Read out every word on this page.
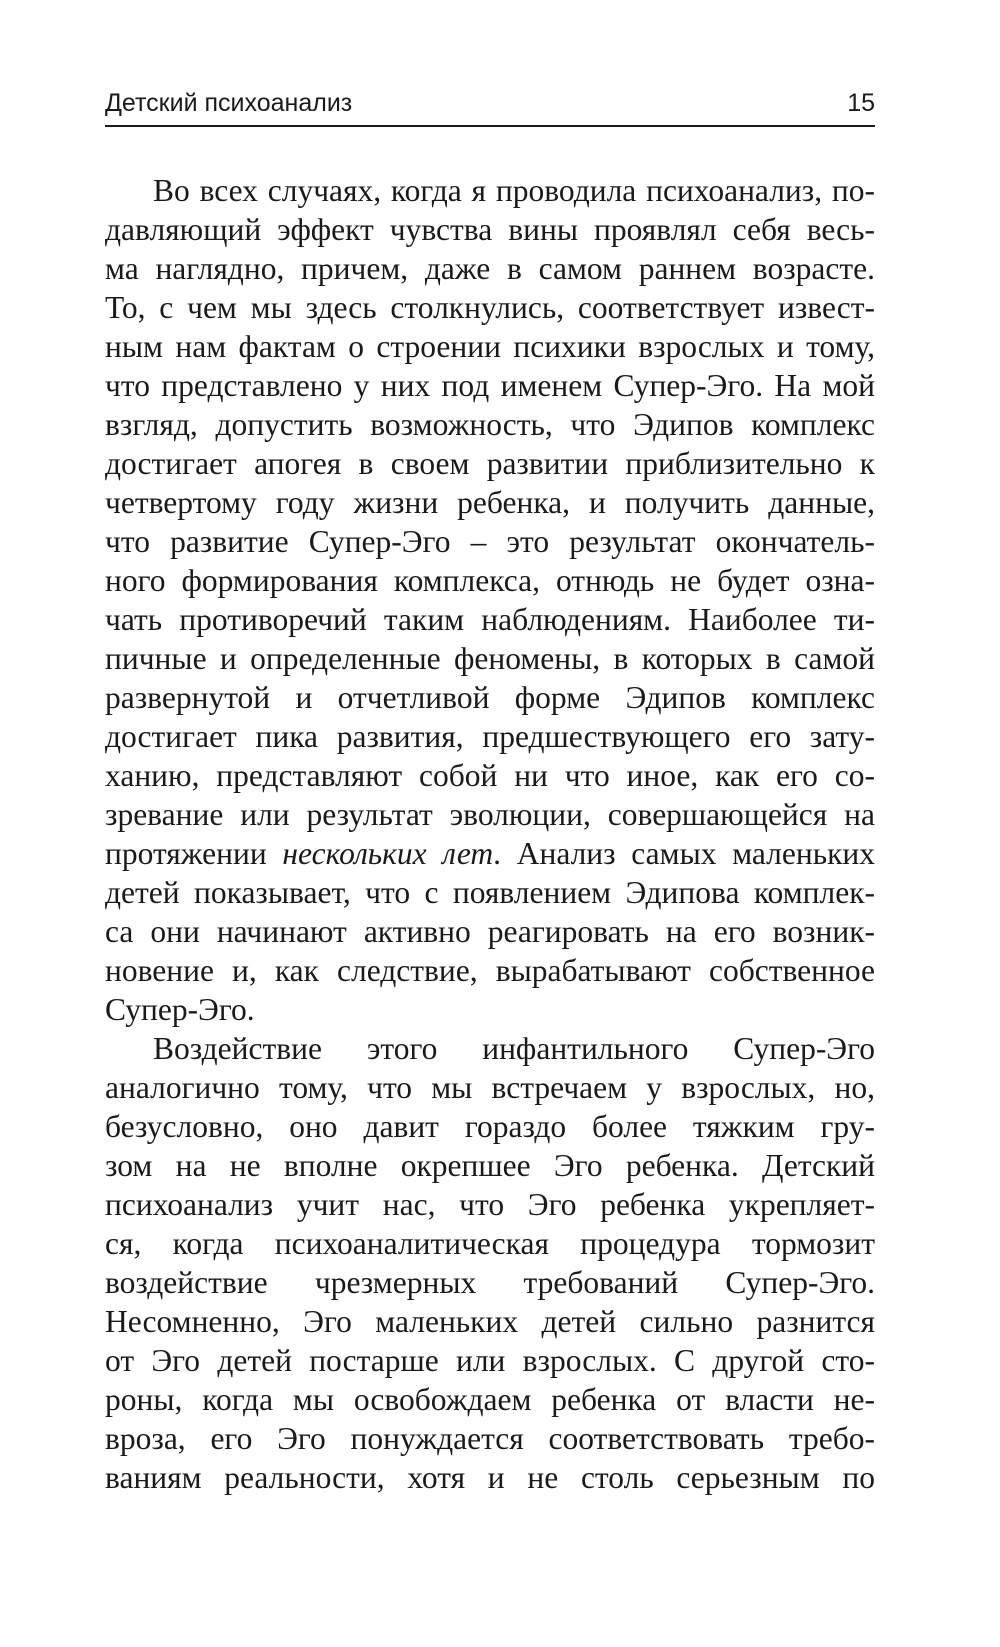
Детский психоанализ	15
Во всех случаях, когда я проводила психоанализ, по-
давляющий эффект чувства вины проявлял себя весь-
ма наглядно, причем, даже в самом раннем возрасте.
То, с чем мы здесь столкнулись, соответствует извест-
ным нам фактам о строении психики взрослых и тому,
что представлено у них под именем Супер-Эго. На мой
взгляд, допустить возможность, что Эдипов комплекс
достигает апогея в своем развитии приблизительно к
четвертому году жизни ребенка, и получить данные,
что развитие Супер-Эго – это результат окончатель-
ного формирования комплекса, отнюдь не будет озна-
чать противоречий таким наблюдениям. Наиболее ти-
пичные и определенные феномены, в которых в самой
развернутой и отчетливой форме Эдипов комплекс
достигает пика развития, предшествующего его зату-
ханию, представляют собой ни что иное, как его со-
зревание или результат эволюции, совершающейся на
протяжении нескольких лет. Анализ самых маленьких
детей показывает, что с появлением Эдипова комплек-
са они начинают активно реагировать на его возник-
новение и, как следствие, вырабатывают собственное
Супер-Эго.
Воздействие этого инфантильного Супер-Эго
аналогично тому, что мы встречаем у взрослых, но,
безусловно, оно давит гораздо более тяжким гру-
зом на не вполне окрепшее Эго ребенка. Детский
психоанализ учит нас, что Эго ребенка укрепляет-
ся, когда психоаналитическая процедура тормозит
воздействие чрезмерных требований Супер-Эго.
Несомненно, Эго маленьких детей сильно разнится
от Эго детей постарше или взрослых. С другой сто-
роны, когда мы освобождаем ребенка от власти не-
вроза, его Эго понуждается соответствовать требо-
ваниям реальности, хотя и не столь серьезным по
